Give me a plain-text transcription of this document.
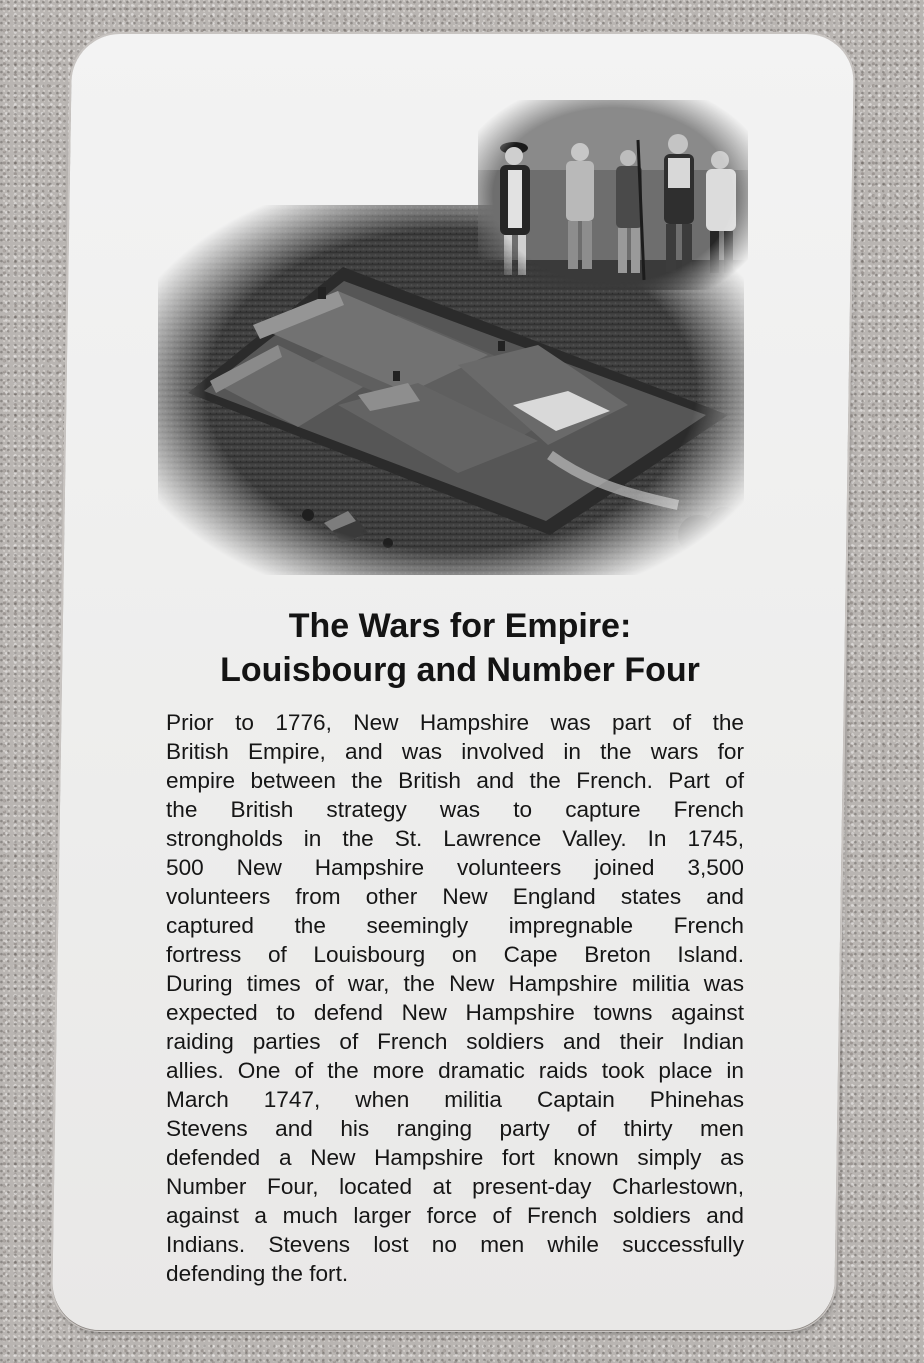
The Wars for Empire:
Louisbourg and Number Four
Prior to 1776, New Hampshire was part of the
British Empire, and was involved in the wars for
empire between the British and the French. Part of
the British strategy was to capture French
strongholds in the St. Lawrence Valley. In 1745,
500 New Hampshire volunteers joined 3,500
volunteers from other New England states and
captured the seemingly impregnable French
fortress of Louisbourg on Cape Breton Island.
During times of war, the New Hampshire militia was
expected to defend New Hampshire towns against
raiding parties of French soldiers and their Indian
allies. One of the more dramatic raids took place in
March 1747, when militia Captain Phinehas
Stevens and his ranging party of thirty men
defended a New Hampshire fort known simply as
Number Four, located at present-day Charlestown,
against a much larger force of French soldiers and
Indians. Stevens lost no men while successfully
defending the fort.
